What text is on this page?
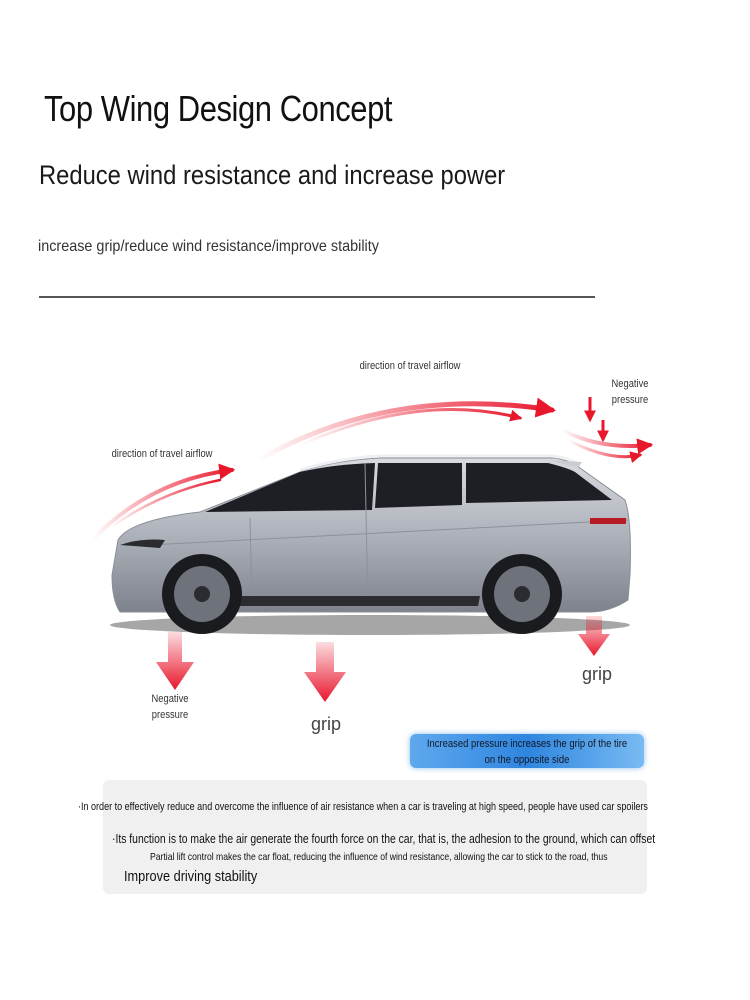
Top Wing Design Concept
Reduce wind resistance and increase power
increase grip/reduce wind resistance/improve stability
direction of travel airflow
direction of travel airflow
Negative
pressure
Negative
pressure	grip
grip
Increased pressure increases the grip of the tire on the opposite side
·In order to effectively reduce and overcome the influence of air resistance when a car is traveling at high speed, people have used car spoilers
·Its function is to make the air generate the fourth force on the car, that is, the adhesion to the ground, which can offset
Partial lift control makes the car float, reducing the influence of wind resistance, allowing the car to stick to the road, thus
Improve driving stability
